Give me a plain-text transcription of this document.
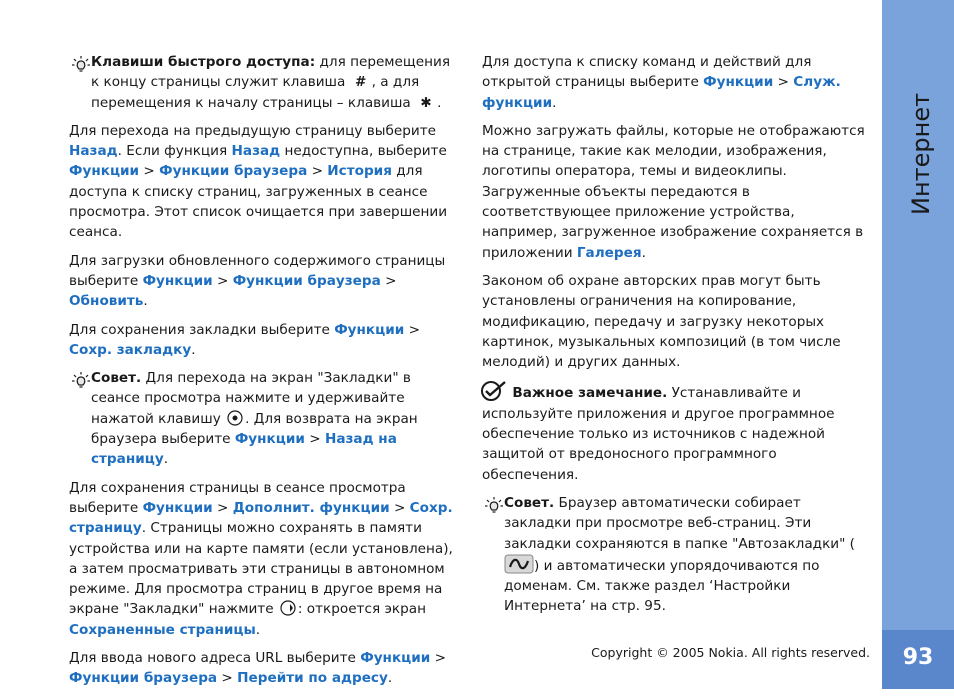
Клавиши быстрого доступа: для перемещения к концу страницы служит клавиша # , а для перемещения к началу страницы – клавиша ✱ .

Для перехода на предыдущую страницу выберите Назад. Если функция Назад недоступна, выберите Функции > Функции браузера > История для доступа к списку страниц, загруженных в сеансе просмотра. Этот список очищается при завершении сеанса.

Для загрузки обновленного содержимого страницы выберите Функции > Функции браузера > Обновить.

Для сохранения закладки выберите Функции > Сохр. закладку.

Совет. Для перехода на экран "Закладки" в сеансе просмотра нажмите и удерживайте нажатой клавишу
. Для возврата на экран браузера выберите Функции > Назад на страницу.

Для сохранения страницы в сеансе просмотра выберите Функции > Дополнит. функции > Сохр. страницу. Страницы можно сохранять в памяти устройства или на карте памяти (если установлена), а затем просматривать эти страницы в автономном режиме. Для просмотра страниц в другое время на экране "Закладки" нажмите
: откроется экран Сохраненные страницы.

Для ввода нового адреса URL выберите Функции > Функции браузера > Перейти по адресу.

Для доступа к списку команд и действий для открытой страницы выберите Функции > Служ. функции.

Можно загружать файлы, которые не отображаются на странице, такие как мелодии, изображения, логотипы оператора, темы и видеоклипы. Загруженные объекты передаются в соответствующее приложение устройства, например, загруженное изображение сохраняется в приложении Галерея.

Законом об охране авторских прав могут быть установлены ограничения на копирование, модификацию, передачу и загрузку некоторых картинок, музыкальных композиций (в том числе мелодий) и других данных.

Важное замечание. Устанавливайте и используйте приложения и другое программное обеспечение только из источников с надежной защитой от вредоносного программного обеспечения.
Совет. Браузер автоматически собирает закладки при просмотре веб-страниц. Эти закладки сохраняются в папке "Автозакладки" (
) и автоматически упорядочиваются по доменам. См. также раздел ‘Настройки Интернета’ на стр. 95.
Интернет
93
Copyright © 2005 Nokia. All rights reserved.
